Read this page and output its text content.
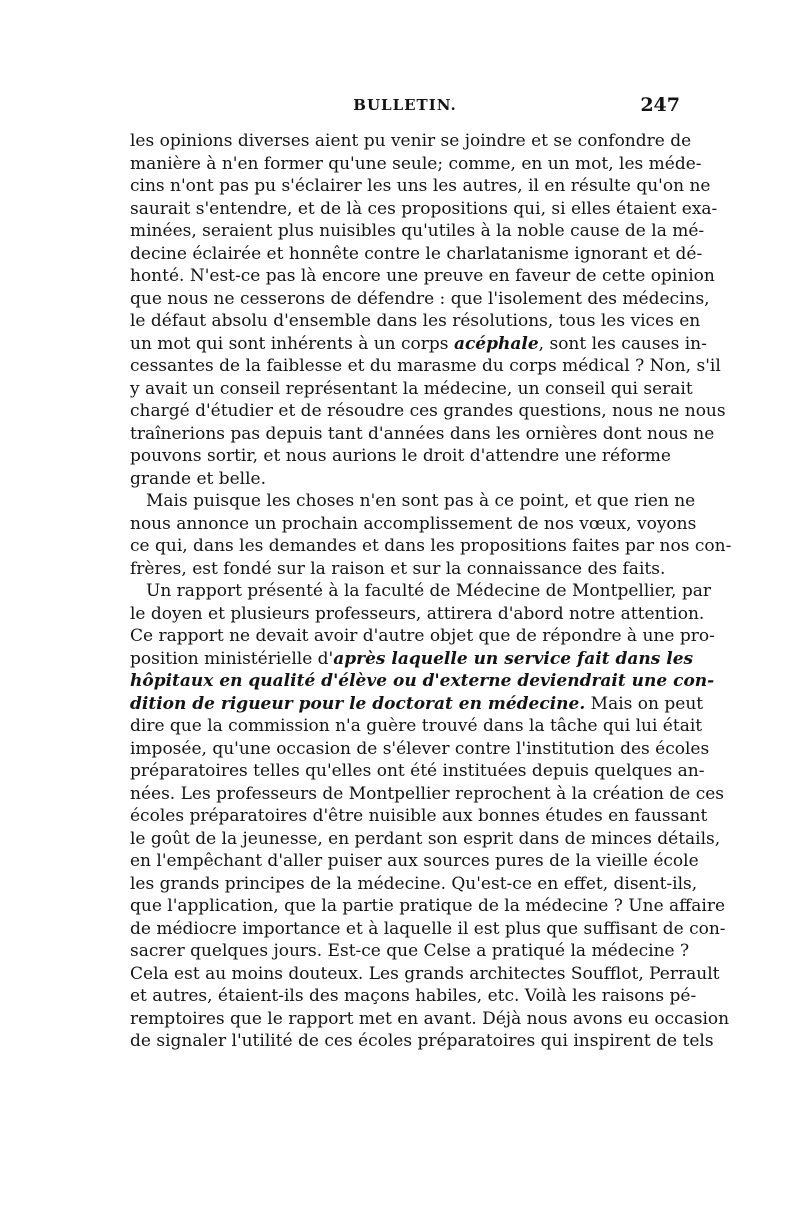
BULLETIN.	247
les opinions diverses aient pu venir se joindre et se confondre de
manière à n'en former qu'une seule; comme, en un mot, les méde-
cins n'ont pas pu s'éclairer les uns les autres, il en résulte qu'on ne
saurait s'entendre, et de là ces propositions qui, si elles étaient exa-
minées, seraient plus nuisibles qu'utiles à la noble cause de la mé-
decine éclairée et honnête contre le charlatanisme ignorant et dé-
honté. N'est-ce pas là encore une preuve en faveur de cette opinion
que nous ne cesserons de défendre : que l'isolement des médecins,
le défaut absolu d'ensemble dans les résolutions, tous les vices en
un mot qui sont inhérents à un corps acéphale, sont les causes in-
cessantes de la faiblesse et du marasme du corps médical ? Non, s'il
y avait un conseil représentant la médecine, un conseil qui serait
chargé d'étudier et de résoudre ces grandes questions, nous ne nous
traînerions pas depuis tant d'années dans les ornières dont nous ne
pouvons sortir, et nous aurions le droit d'attendre une réforme
grande et belle.
Mais puisque les choses n'en sont pas à ce point, et que rien ne
nous annonce un prochain accomplissement de nos vœux, voyons
ce qui, dans les demandes et dans les propositions faites par nos con-
frères, est fondé sur la raison et sur la connaissance des faits.
Un rapport présenté à la faculté de Médecine de Montpellier, par
le doyen et plusieurs professeurs, attirera d'abord notre attention.
Ce rapport ne devait avoir d'autre objet que de répondre à une pro-
position ministérielle d'après laquelle un service fait dans les
hôpitaux en qualité d'élève ou d'externe deviendrait une con-
dition de rigueur pour le doctorat en médecine. Mais on peut
dire que la commission n'a guère trouvé dans la tâche qui lui était
imposée, qu'une occasion de s'élever contre l'institution des écoles
préparatoires telles qu'elles ont été instituées depuis quelques an-
nées. Les professeurs de Montpellier reprochent à la création de ces
écoles préparatoires d'être nuisible aux bonnes études en faussant
le goût de la jeunesse, en perdant son esprit dans de minces détails,
en l'empêchant d'aller puiser aux sources pures de la vieille école
les grands principes de la médecine. Qu'est-ce en effet, disent-ils,
que l'application, que la partie pratique de la médecine ? Une affaire
de médiocre importance et à laquelle il est plus que suffisant de con-
sacrer quelques jours. Est-ce que Celse a pratiqué la médecine ?
Cela est au moins douteux. Les grands architectes Soufflot, Perrault
et autres, étaient-ils des maçons habiles, etc. Voilà les raisons pé-
remptoires que le rapport met en avant. Déjà nous avons eu occasion
de signaler l'utilité de ces écoles préparatoires qui inspirent de tels
